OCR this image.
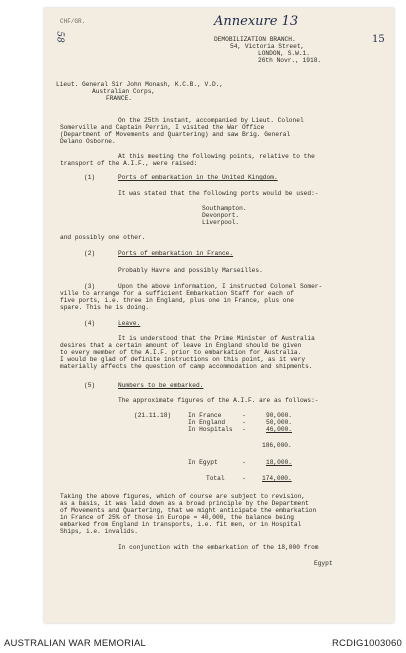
CHF/GR.
58
Annexure 13
15
DEMOBILIZATION BRANCH.
54, Victoria Street,
LONDON, S.W.1.
26th Novr., 1918.
Lieut. General Sir John Monash, K.C.B., V.D.,
Australian Corps,
FRANCE.
On the 25th instant, accompanied by Lieut. Colonel
Somerville and Captain Perrin, I visited the War Office
(Department of Movements and Quartering) and saw Brig. General
Delano Osborne.
At this meeting the following points, relative to the
transport of the A.I.F., were raised:
(1)	Ports of embarkation in the United Kingdom.
It was stated that the following ports would be used:-
Southampton.
Devonport.
Liverpool.
and possibly one other.
(2)	Ports of embarkation in France.
Probably Havre and possibly Marseilles.
(3)	Upon the above information, I instructed Colonel Somer-
ville to arrange for a sufficient Embarkation Staff for each of
five ports, i.e. three in England, plus one in France, plus one
spare. This he is doing.
(4)	Leave.
It is understood that the Prime Minister of Australia
desires that a certain amount of leave in England should be given
to every member of the A.I.F. prior to embarkation for Australia.
I would be glad of definite instructions on this point, as it very
materially affects the question of camp accommodation and shipments.
(5)	Numbers to be embarked.
The approximate figures of the A.I.F. are as follows:-
(21.11.18)	In France	-	90,000.
In England	-	50,000.
In Hospitals -	46,000.
186,000.
In Egypt	-	18,000.
Total	-	174,000.
Taking the above figures, which of course are subject to revision,
as a basis, it was laid down as a broad principle by the Department
of Movements and Quartering, that we might anticipate the embarkation
in France of 25% of those in Europe = 40,000, the balance being
embarked from England in transports, i.e. fit men, or in Hospital
Ships, i.e. invalids.
In conjunction with the embarkation of the 18,000 from
Egypt
AUSTRALIAN WAR MEMORIAL	RCDIG1003060
